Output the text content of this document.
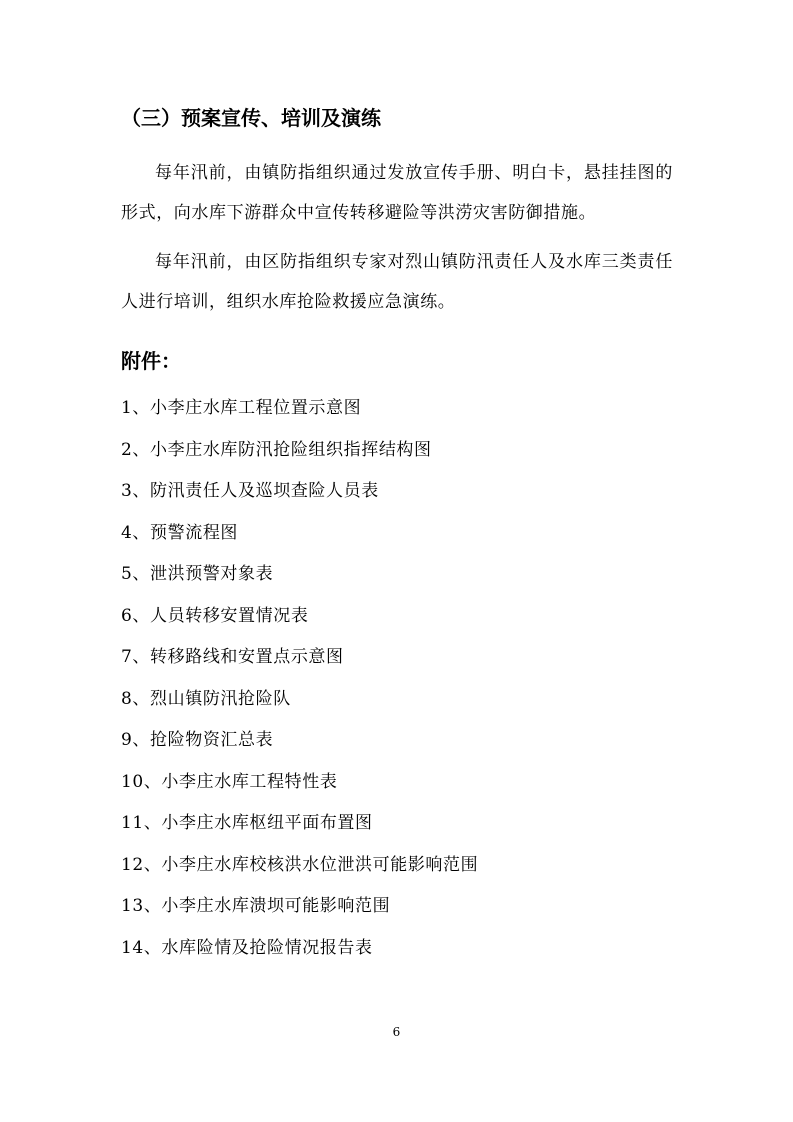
（三）预案宣传、培训及演练

每年汛前，由镇防指组织通过发放宣传手册、明白卡，悬挂挂图的形式，向水库下游群众中宣传转移避险等洪涝灾害防御措施。

每年汛前，由区防指组织专家对烈山镇防汛责任人及水库三类责任人进行培训，组织水库抢险救援应急演练。

附件：
1、小李庄水库工程位置示意图
2、小李庄水库防汛抢险组织指挥结构图
3、防汛责任人及巡坝查险人员表
4、预警流程图
5、泄洪预警对象表
6、人员转移安置情况表
7、转移路线和安置点示意图
8、烈山镇防汛抢险队
9、抢险物资汇总表
10、小李庄水库工程特性表
11、小李庄水库枢纽平面布置图
12、小李庄水库校核洪水位泄洪可能影响范围
13、小李庄水库溃坝可能影响范围
14、水库险情及抢险情况报告表
6
